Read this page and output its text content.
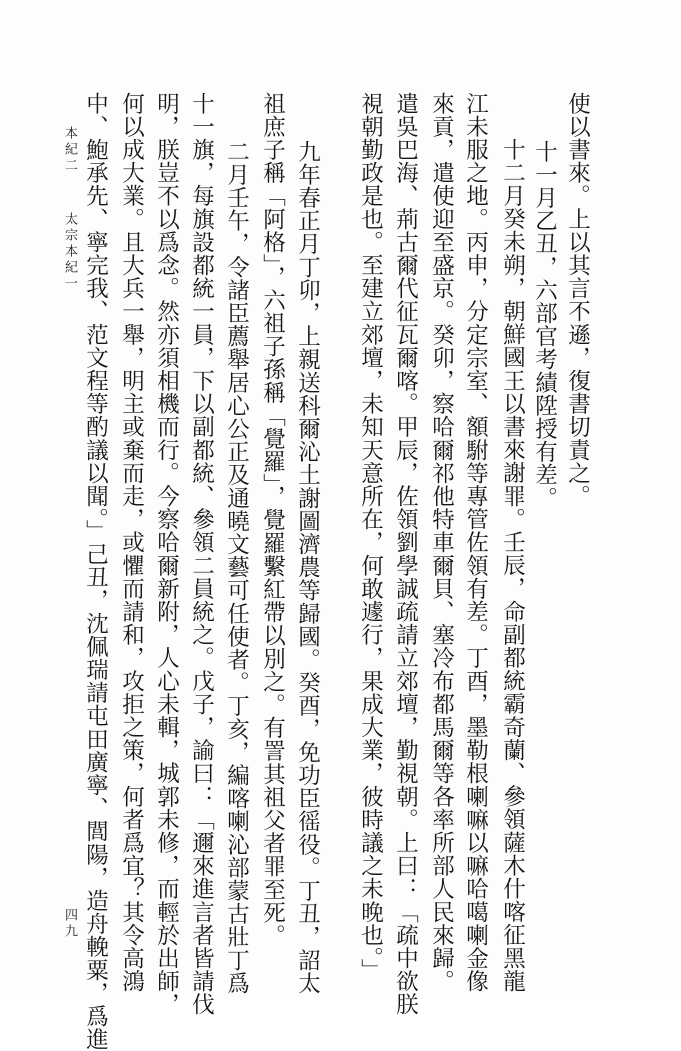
使以書來。上以其言不遜，復書切責之。
十一月乙丑，六部官考績陞授有差。
十二月癸未朔，朝鮮國王以書來謝罪。壬辰，命副都統霸奇蘭、參領薩木什喀征黑龍
江未服之地。丙申，分定宗室、額駙等專管佐領有差。丁酉，墨勒根喇嘛以嘛哈噶喇金像
來貢，遣使迎至盛京。癸卯，察哈爾祁他特車爾貝、塞冷布都馬爾等各率所部人民來歸。
遣吳巴海、荊古爾代征瓦爾喀。甲辰，佐領劉學誠疏請立郊壇，勤視朝。上曰：「疏中欲朕
視朝勤政是也。至建立郊壇，未知天意所在，何敢遽行，果成大業，彼時議之未晚也。」
九年春正月丁卯，上親送科爾沁土謝圖濟農等歸國。癸酉，免功臣徭役。丁丑，詔太
祖庶子稱「阿格」，六祖子孫稱「覺羅」，覺羅繫紅帶以別之。有詈其祖父者罪至死。
二月壬午，令諸臣薦舉居心公正及通曉文藝可任使者。丁亥，編喀喇沁部蒙古壯丁爲
十一旗，每旗設都統一員，下以副都統、參領二員統之。戊子，諭曰：「邇來進言者皆請伐
明，朕豈不以爲念。然亦須相機而行。今察哈爾新附，人心未輯，城郭未修，而輕於出師，
何以成大業。且大兵一舉，明主或棄而走，或懼而請和，攻拒之策，何者爲宜？其令高鴻
中、鮑承先、寧完我、范文程等酌議以聞。」己丑，沈佩瑞請屯田廣寧、閭陽，造舟輓粟，爲進
本紀二
太宗本紀一
四九
